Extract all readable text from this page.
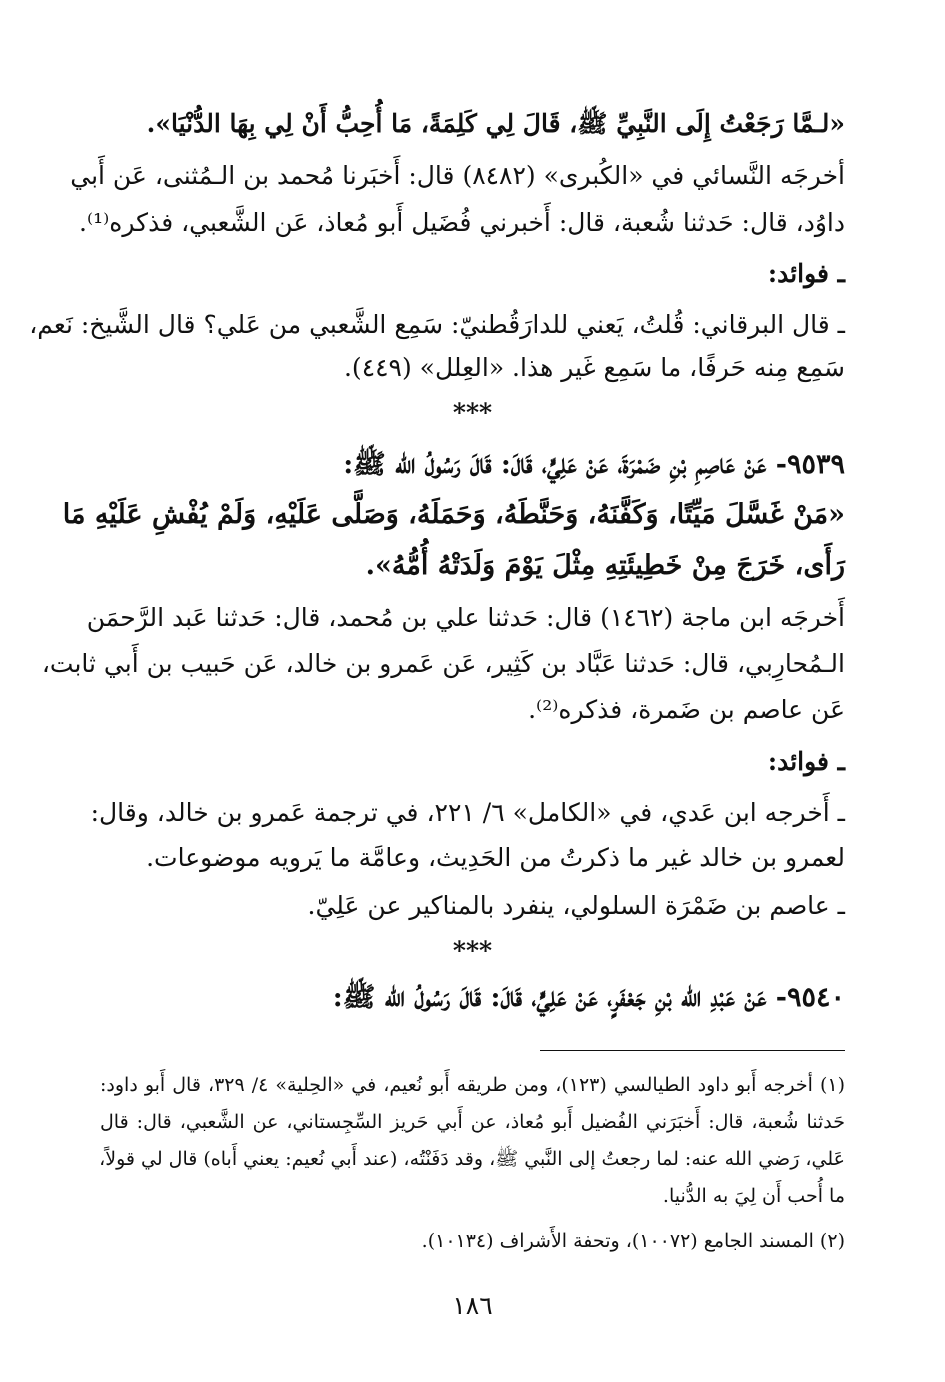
«لـمَّا رَجَعْتُ إِلَى النَّبِيِّ ﷺ، قَالَ لِي كَلِمَةً، مَا أُحِبُّ أَنْ لِي بِهَا الدُّنْيَا».
أخرجَه النَّسائي في «الكُبرى» (٨٤٨٢) قال: أَخبَرنا مُحمد بن الـمُثنى، عَن أَبي
داوُد، قال: حَدثنا شُعبة، قال: أَخبرني فُضَيل أَبو مُعاذ، عَن الشَّعبي، فذكره⁽¹⁾.
ـ فوائد:
ـ قال البرقاني: قُلتُ، يَعني للدارَقُطنيّ: سَمِع الشَّعبي من عَلي؟ قال الشَّيخ: نَعم،
سَمِع مِنه حَرفًا، ما سَمِع غَير هذا. «العِلل» (٤٤٩).
***
٩٥٣٩- عَنْ عَاصِمِ بْنِ ضَمْرَةَ، عَنْ عَلِيٍّ، قَالَ: قَالَ رَسُولُ الله ﷺ:
«مَنْ غَسَّلَ مَيِّتًا، وَكَفَّنَهُ، وَحَنَّطَهُ، وَحَمَلَهُ، وَصَلَّى عَلَيْهِ، وَلَمْ يُفْشِ عَلَيْهِ مَا
رَأَى، خَرَجَ مِنْ خَطِيئَتِهِ مِثْلَ يَوْمَ وَلَدَتْهُ أُمُّهُ».
أَخرجَه ابن ماجة (١٤٦٢) قال: حَدثنا علي بن مُحمد، قال: حَدثنا عَبد الرَّحمَن
الـمُحارِبي، قال: حَدثنا عَبَّاد بن كَثِير، عَن عَمرو بن خالد، عَن حَبيب بن أَبي ثابت،
عَن عاصم بن ضَمرة، فذكره⁽²⁾.
ـ فوائد:
ـ أَخرجه ابن عَدي، في «الكامل» ٦/ ٢٢١، في ترجمة عَمرو بن خالد، وقال:
لعمرو بن خالد غير ما ذكرتُ من الحَدِيث، وعامَّة ما يَرويه موضوعات.
ـ عاصم بن ضَمْرَة السلولي، ينفرد بالمناكير عن عَلِيّ.
***
٩٥٤٠- عَنْ عَبْدِ الله بْنِ جَعْفَرٍ، عَنْ عَلِيٍّ، قَالَ: قَالَ رَسُولُ الله ﷺ:
(١) أخرجه أَبو داود الطيالسي (١٢٣)، ومن طريقه أَبو نُعيم، في «الحِلية» ٤/ ٣٢٩، قال أَبو داود:
حَدثنا شُعبة، قال: أَخبَرَني الفُضيل أَبو مُعاذ، عن أَبي حَريز السِّجِستاني، عن الشَّعبي، قال: قال
عَلي، رَضي الله عنه: لما رجعتُ إلى النَّبي ﷺ، وقد دَفَنْتُه، (عند أَبي نُعيم: يعني أَباه) قال لي قولاً،
ما أُحب أَن لِيَ به الدُّنيا.
(٢) المسند الجامع (١٠٠٧٢)، وتحفة الأَشراف (١٠١٣٤).
١٨٦
